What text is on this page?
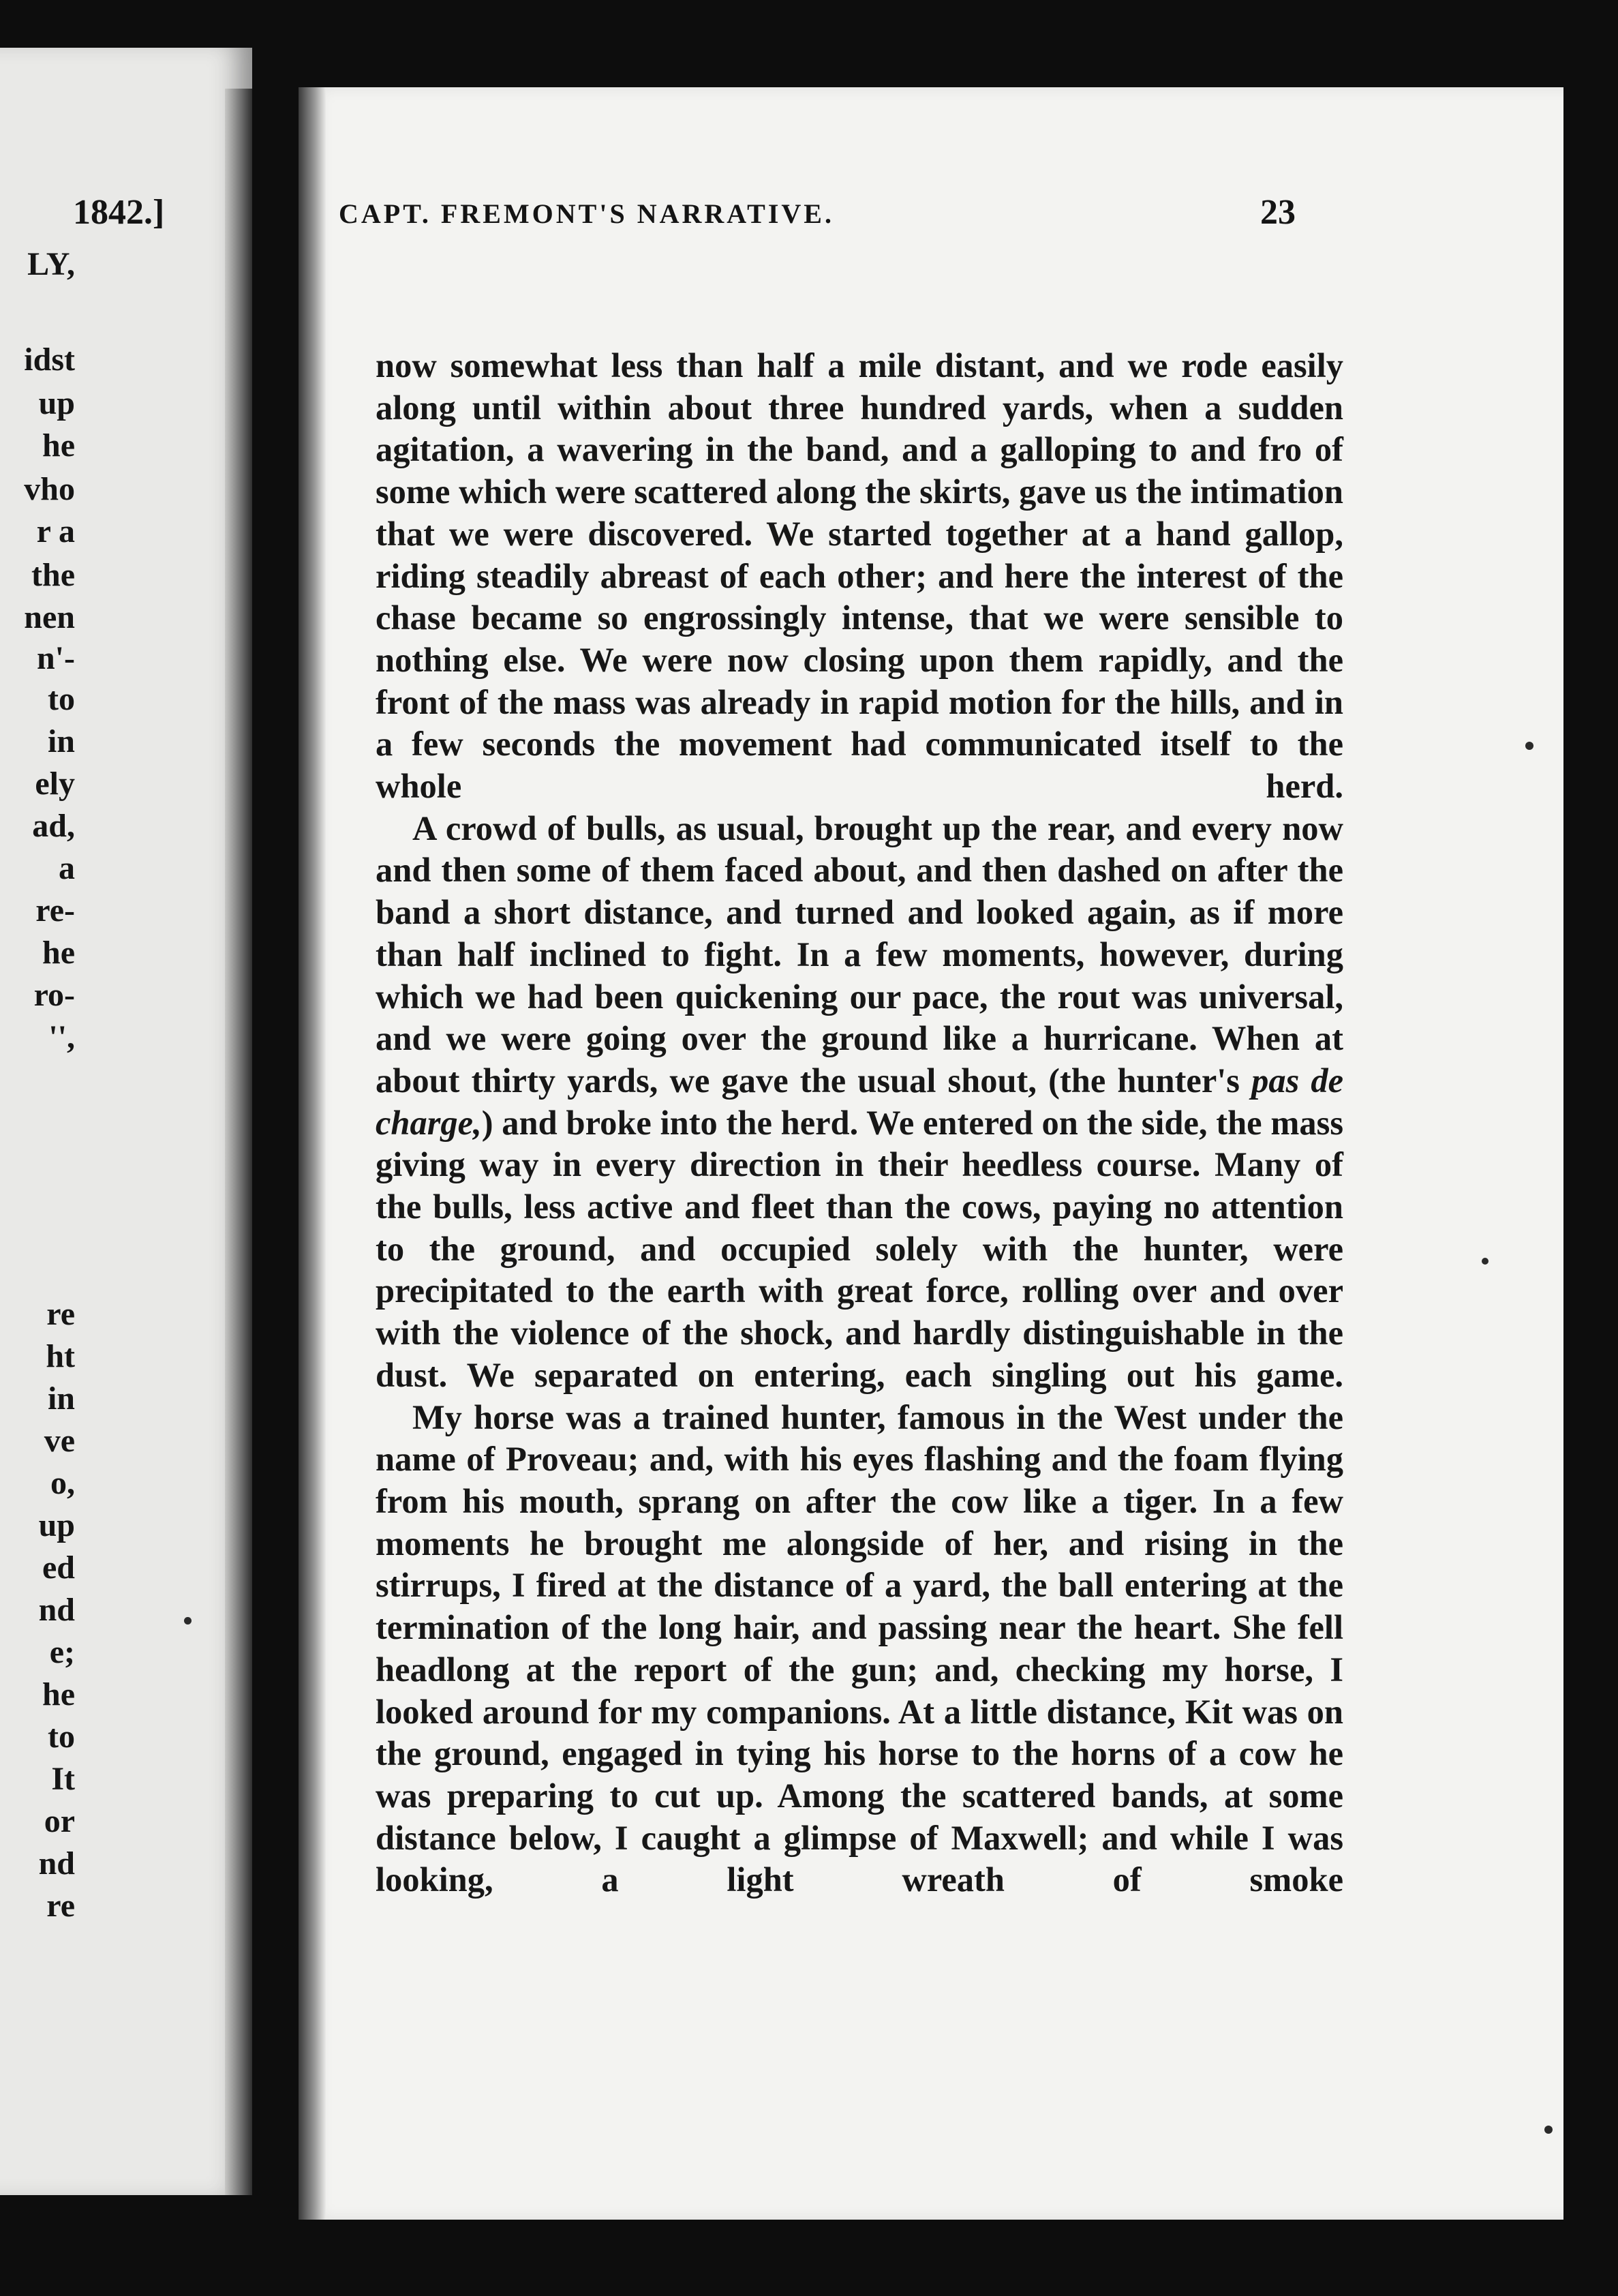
LY,
idst
up
he
vho
r a
the
nen
n'-
to
in
ely
ad,
a
re-
he
ro-
'',
re
ht
in
ve
o,
up
ed
nd
e;
he
to
It
or
nd
re
1842.]	CAPT. FREMONT'S NARRATIVE.	23

now somewhat less than half a mile distant, and we rode easily along until within about three hundred yards, when a sudden agitation, a wavering in the band, and a galloping to and fro of some which were scattered along the skirts, gave us the intimation that we were discovered. We started together at a hand gallop, riding steadily abreast of each other; and here the interest of the chase became so engrossingly intense, that we were sensible to nothing else. We were now closing upon them rapidly, and the front of the mass was already in rapid motion for the hills, and in a few seconds the movement had communicated itself to the whole herd.

A crowd of bulls, as usual, brought up the rear, and every now and then some of them faced about, and then dashed on after the band a short distance, and turned and looked again, as if more than half inclined to fight. In a few moments, however, during which we had been quickening our pace, the rout was universal, and we were going over the ground like a hurricane. When at about thirty yards, we gave the usual shout, (the hunter's pas de charge,) and broke into the herd. We entered on the side, the mass giving way in every direction in their heedless course. Many of the bulls, less active and fleet than the cows, paying no attention to the ground, and occupied solely with the hunter, were precipitated to the earth with great force, rolling over and over with the violence of the shock, and hardly distinguishable in the dust. We separated on entering, each singling out his game.

My horse was a trained hunter, famous in the West under the name of Proveau; and, with his eyes flashing and the foam flying from his mouth, sprang on after the cow like a tiger. In a few moments he brought me alongside of her, and rising in the stirrups, I fired at the distance of a yard, the ball entering at the termination of the long hair, and passing near the heart. She fell headlong at the report of the gun; and, checking my horse, I looked around for my companions. At a little distance, Kit was on the ground, engaged in tying his horse to the horns of a cow he was preparing to cut up. Among the scattered bands, at some distance below, I caught a glimpse of Maxwell; and while I was looking, a light wreath of smoke
